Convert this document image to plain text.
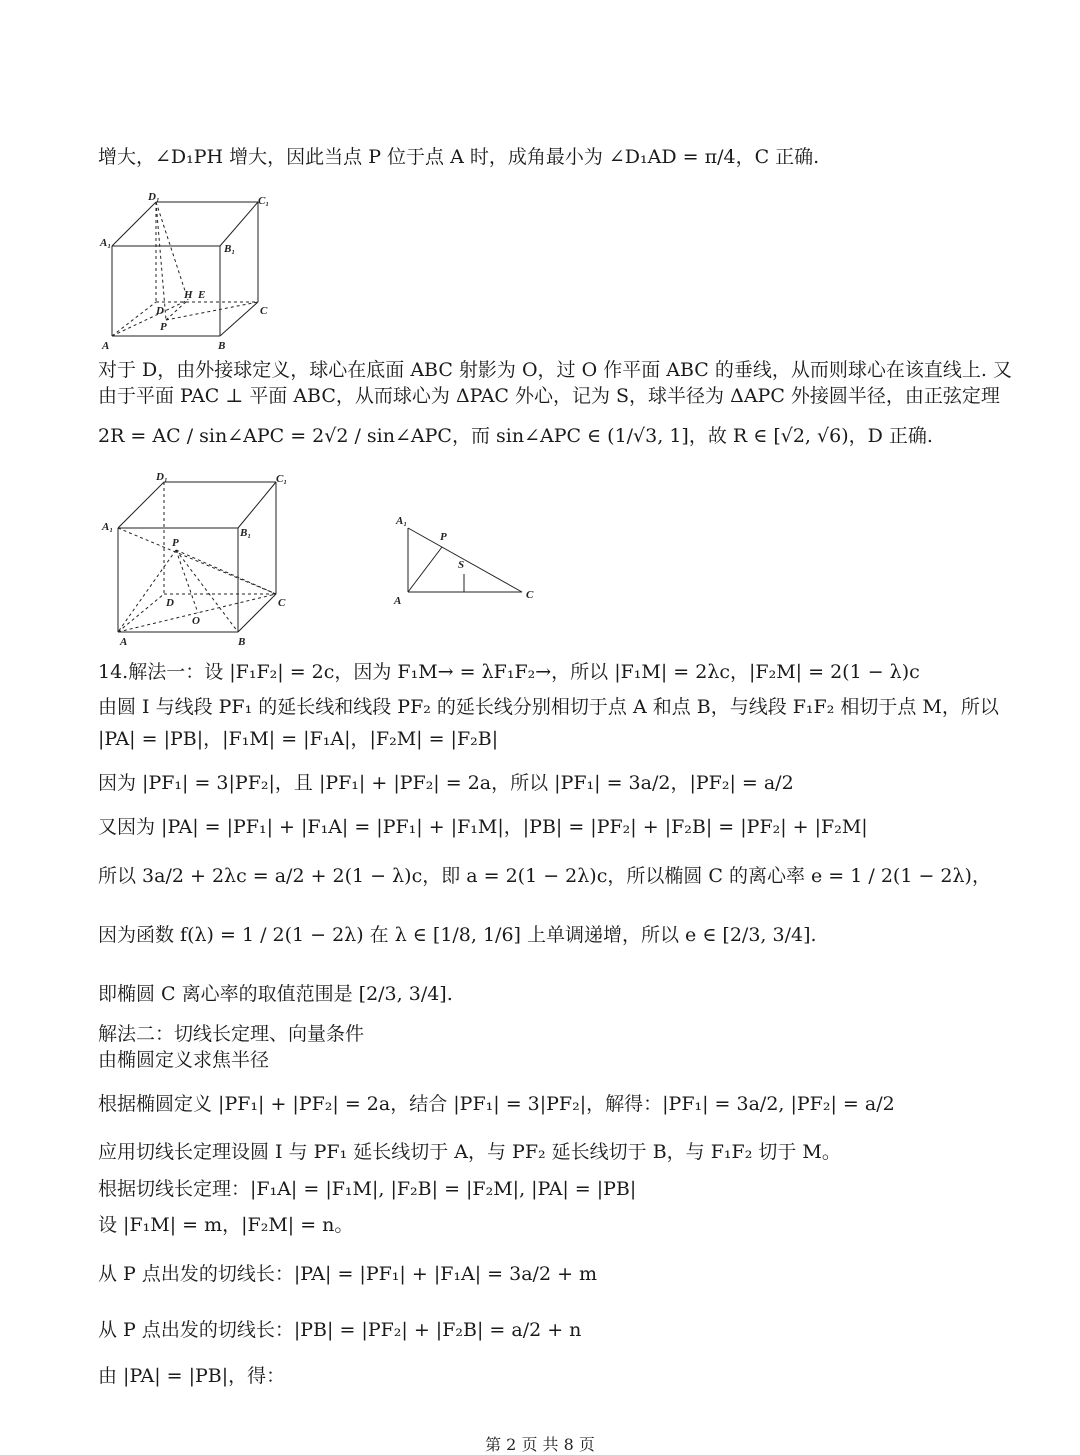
增大，∠D₁PH 增大，因此当点 P 位于点 A 时，成角最小为 ∠D₁AD = π/4，C 正确.
D₁	C₁
A₁	B₁
H E
D	C
P
A	B
对于 D，由外接球定义，球心在底面 ABC 射影为 O，过 O 作平面 ABC 的垂线，从而则球心在该直线上. 又
由于平面 PAC ⊥ 平面 ABC，从而球心为 ΔPAC 外心，记为 S，球半径为 ΔAPC 外接圆半径，由正弦定理
2R = AC / sin∠APC = 2√2 / sin∠APC，而 sin∠APC ∈ (1/√3, 1]，故 R ∈ [√2, √6)，D 正确.
D₁	C₁
A₁	B₁
P
D	C
O
A	B
A₁
P
S
A	C
14.解法一：设 |F₁F₂| = 2c，因为 F₁M→ = λF₁F₂→，所以 |F₁M| = 2λc，|F₂M| = 2(1 − λ)c
由圆 I 与线段 PF₁ 的延长线和线段 PF₂ 的延长线分别相切于点 A 和点 B，与线段 F₁F₂ 相切于点 M，所以
|PA| = |PB|，|F₁M| = |F₁A|，|F₂M| = |F₂B|
因为 |PF₁| = 3|PF₂|，且 |PF₁| + |PF₂| = 2a，所以 |PF₁| = 3a/2，|PF₂| = a/2
又因为 |PA| = |PF₁| + |F₁A| = |PF₁| + |F₁M|，|PB| = |PF₂| + |F₂B| = |PF₂| + |F₂M|
所以 3a/2 + 2λc = a/2 + 2(1 − λ)c，即 a = 2(1 − 2λ)c，所以椭圆 C 的离心率 e = 1 / 2(1 − 2λ)，
因为函数 f(λ) = 1 / 2(1 − 2λ) 在 λ ∈ [1/8, 1/6] 上单调递增，所以 e ∈ [2/3, 3/4].
即椭圆 C 离心率的取值范围是 [2/3, 3/4].
解法二：切线长定理、向量条件
由椭圆定义求焦半径
根据椭圆定义 |PF₁| + |PF₂| = 2a，结合 |PF₁| = 3|PF₂|，解得：|PF₁| = 3a/2, |PF₂| = a/2
应用切线长定理设圆 I 与 PF₁ 延长线切于 A，与 PF₂ 延长线切于 B，与 F₁F₂ 切于 M。
根据切线长定理：|F₁A| = |F₁M|, |F₂B| = |F₂M|, |PA| = |PB|
设 |F₁M| = m，|F₂M| = n。
从 P 点出发的切线长：|PA| = |PF₁| + |F₁A| = 3a/2 + m
从 P 点出发的切线长：|PB| = |PF₂| + |F₂B| = a/2 + n
由 |PA| = |PB|，得：
第 2 页 共 8 页
